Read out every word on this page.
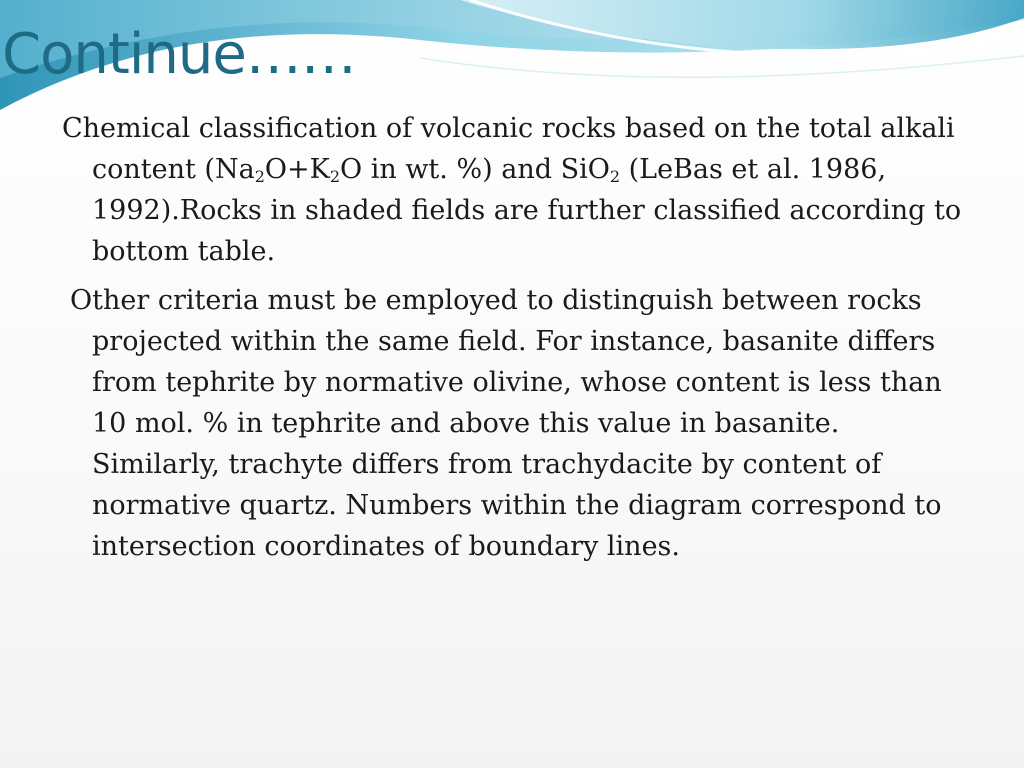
Continue……

Chemical classification of volcanic rocks based on the total alkali content ($Na_2O+K_2O$ in wt. %) and SiO$_2$ (LeBas et al. 1986, 1992).Rocks in shaded fields are further classified according to bottom table.

Other criteria must be employed to distinguish between rocks projected within the same field. For instance, basanite differs from tephrite by normative olivine, whose content is less than 10 mol. % in tephrite and above this value in basanite. Similarly, trachyte differs from trachydacite by content of normative quartz. Numbers within the diagram correspond to intersection coordinates of boundary lines.
